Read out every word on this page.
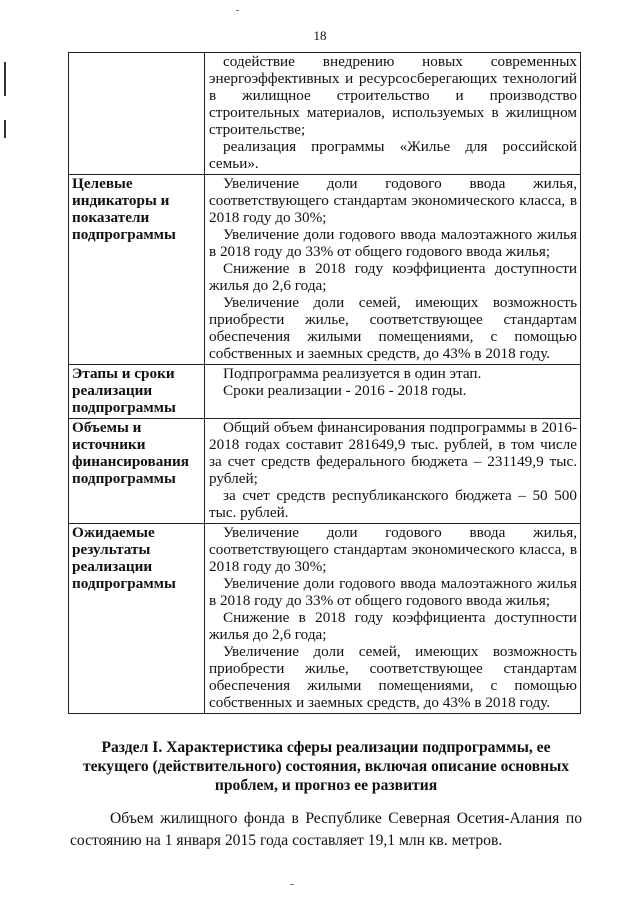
18

	содействие внедрению новых современных энергоэффективных и ресурсосберегающих технологий в жилищное строительство и производство строительных материалов, используемых в жилищном строительстве;

реализация программы «Жилье для российской семьи».

Целевые индикаторы и показатели подпрограммы	Увеличение доли годового ввода жилья, соответствующего стандартам экономического класса, в 2018 году до 30%;

Увеличение доли годового ввода малоэтажного жилья в 2018 году до 33% от общего годового ввода жилья;

Снижение в 2018 году коэффициента доступности жилья до 2,6 года;

Увеличение доли семей, имеющих возможность приобрести жилье, соответствующее стандартам обеспечения жилыми помещениями, с помощью собственных и заемных средств, до 43% в 2018 году.

Этапы и сроки реализации подпрограммы	Подпрограмма реализуется в один этап.

Сроки реализации - 2016 - 2018 годы.

Объемы и источники финансирования подпрограммы	Общий объем финансирования подпрограммы в 2016-2018 годах составит 281649,9 тыс. рублей, в том числе за счет средств федерального бюджета – 231149,9 тыс. рублей;

за счет средств республиканского бюджета – 50 500 тыс. рублей.

Ожидаемые результаты реализации подпрограммы	Увеличение доли годового ввода жилья, соответствующего стандартам экономического класса, в 2018 году до 30%;

Увеличение доли годового ввода малоэтажного жилья в 2018 году до 33% от общего годового ввода жилья;

Снижение в 2018 году коэффициента доступности жилья до 2,6 года;

Увеличение доли семей, имеющих возможность приобрести жилье, соответствующее стандартам обеспечения жилыми помещениями, с помощью собственных и заемных средств, до 43% в 2018 году.

Раздел I. Характеристика сферы реализации подпрограммы, ее текущего (действительного) состояния, включая описание основных проблем, и прогноз ее развития

Объем жилищного фонда в Республике Северная Осетия-Алания по состоянию на 1 января 2015 года составляет 19,1 млн кв. метров.
